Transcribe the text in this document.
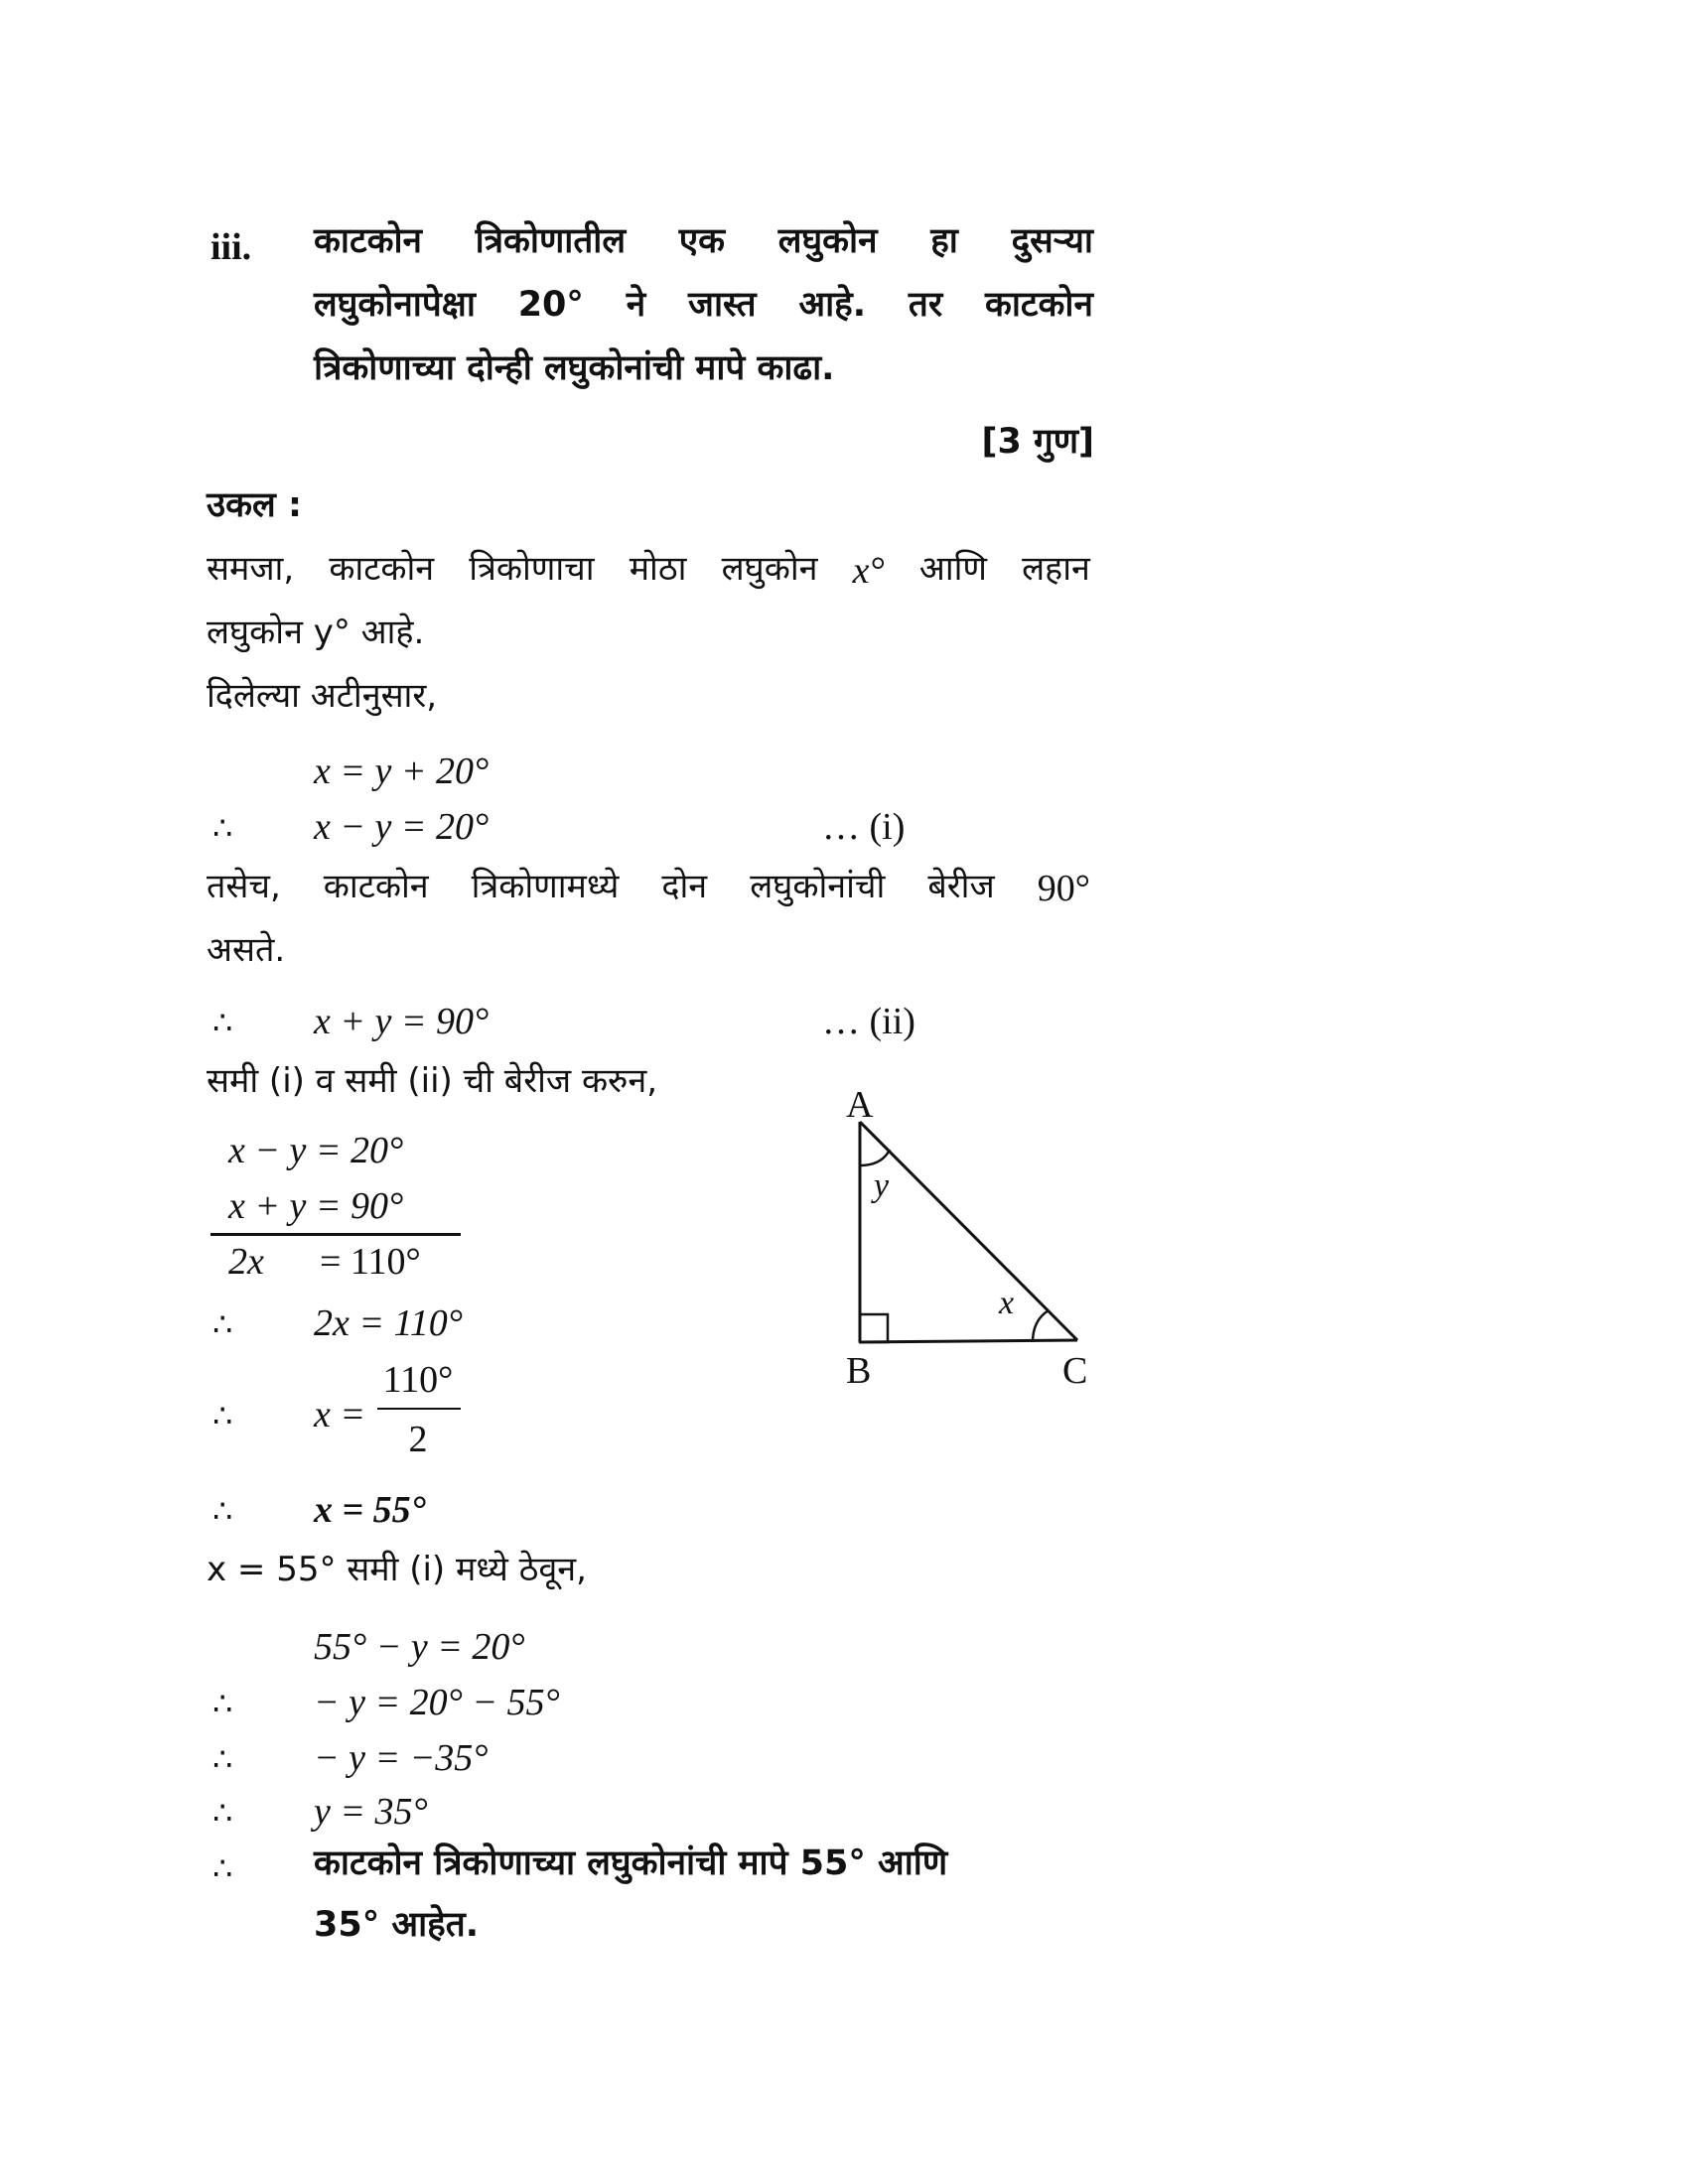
iii. काटकोन त्रिकोणातील एक लघुकोन हा दुसऱ्या
लघुकोनापेक्षा 20° ने जास्त आहे. तर काटकोन
त्रिकोणाच्या दोन्ही लघुकोनांची मापे काढा.
[3 गुण]
उकल :
समजा, काटकोन त्रिकोणाचा मोठा लघुकोन x° आणि लहान
लघुकोन y° आहे.
दिलेल्या अटीनुसार,
x = y + 20°
∴ x − y = 20°	… (i)
तसेच, काटकोन त्रिकोणामध्ये दोन लघुकोनांची बेरीज 90°
असते.
∴ x + y = 90°	… (ii)
समी (i) व समी (ii) ची बेरीज करुन,
x − y = 20°
x + y = 90°
2x = 110°
∴ 2x = 110°
∴ x =
110°
2
∴ x = 55°
x = 55° समी (i) मध्ये ठेवून,
55° − y = 20°
∴ − y = 20° − 55°
∴ − y = −35°
∴ y = 35°
∴ काटकोन त्रिकोणाच्या लघुकोनांची मापे 55° आणि
35° आहेत.
A
y
x
B	C
